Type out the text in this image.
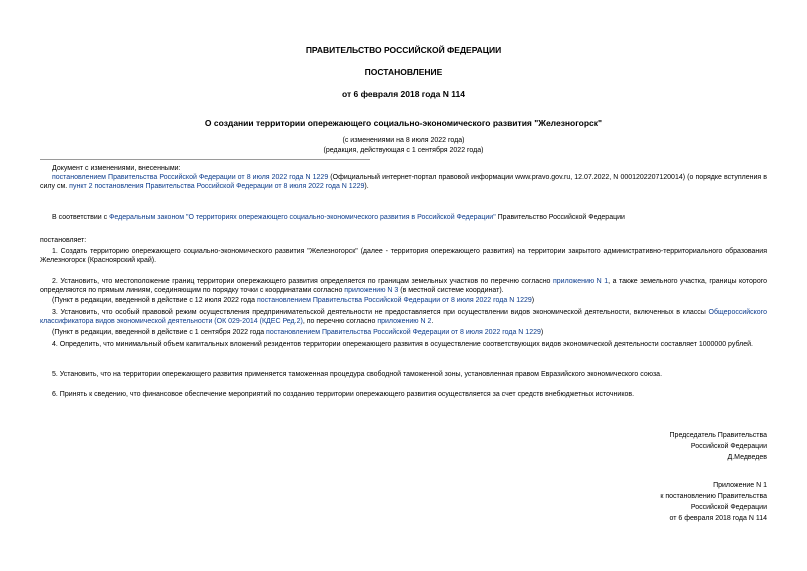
ПРАВИТЕЛЬСТВО РОССИЙСКОЙ ФЕДЕРАЦИИ
ПОСТАНОВЛЕНИЕ
от 6 февраля 2018 года N 114
О создании территории опережающего социально-экономического развития "Железногорск"
(с изменениями на 8 июля 2022 года)
(редакция, действующая с 1 сентября 2022 года)
Документ с изменениями, внесенными:
постановлением Правительства Российской Федерации от 8 июля 2022 года N 1229 (Официальный интернет-портал правовой информации www.pravo.gov.ru, 12.07.2022, N 0001202207120014) (о порядке вступления в силу см. пункт 2 постановления Правительства Российской Федерации от 8 июля 2022 года N 1229).
В соответствии с Федеральным законом "О территориях опережающего социально-экономического развития в Российской Федерации" Правительство Российской Федерации
постановляет:
1. Создать территорию опережающего социально-экономического развития "Железногорск" (далее - территория опережающего развития) на территории закрытого административно-территориального образования Железногорск (Красноярский край).
2. Установить, что местоположение границ территории опережающего развития определяется по границам земельных участков по перечню согласно приложению N 1, а также земельного участка, границы которого определяются по прямым линиям, соединяющим по порядку точки с координатами согласно приложению N 3 (в местной системе координат).
(Пункт в редакции, введенной в действие с 12 июля 2022 года постановлением Правительства Российской Федерации от 8 июля 2022 года N 1229)
3. Установить, что особый правовой режим осуществления предпринимательской деятельности не предоставляется при осуществлении видов экономической деятельности, включенных в классы Общероссийского классификатора видов экономической деятельности (ОК 029-2014 (КДЕС Ред.2), по перечню согласно приложению N 2.
(Пункт в редакции, введенной в действие с 1 сентября 2022 года постановлением Правительства Российской Федерации от 8 июля 2022 года N 1229)
4. Определить, что минимальный объем капитальных вложений резидентов территории опережающего развития в осуществление соответствующих видов экономической деятельности составляет 1000000 рублей.
5. Установить, что на территории опережающего развития применяется таможенная процедура свободной таможенной зоны, установленная правом Евразийского экономического союза.
6. Принять к сведению, что финансовое обеспечение мероприятий по созданию территории опережающего развития осуществляется за счет средств внебюджетных источников.
Председатель Правительства
Российской Федерации
Д.Медведев
Приложение N 1
к постановлению Правительства
Российской Федерации
от 6 февраля 2018 года N 114
